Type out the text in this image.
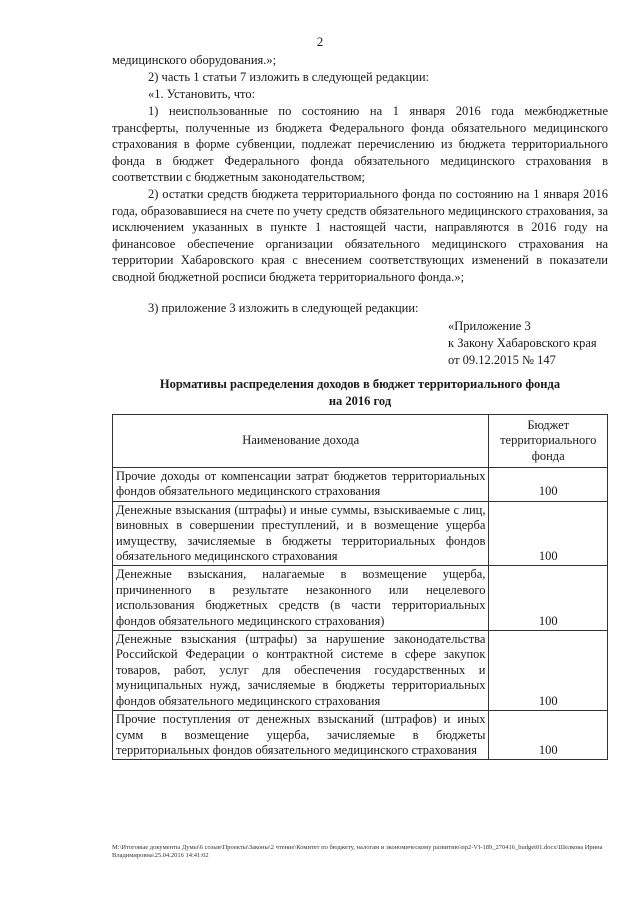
2
медицинского оборудования.»;
2) часть 1 статьи 7 изложить в следующей редакции:
«1. Установить, что:
1) неиспользованные по состоянию на 1 января 2016 года межбюджетные трансферты, полученные из бюджета Федерального фонда обязательного медицинского страхования в форме субвенции, подлежат перечислению из бюджета территориального фонда в бюджет Федерального фонда обязательного медицинского страхования в соответствии с бюджетным законодательством;
2) остатки средств бюджета территориального фонда по состоянию на 1 января 2016 года, образовавшиеся на счете по учету средств обязательного медицинского страхования, за исключением указанных в пункте 1 настоящей части, направляются в 2016 году на финансовое обеспечение организации обязательного медицинского страхования на территории Хабаровского края с внесением соответствующих изменений в показатели сводной бюджетной росписи бюджета территориального фонда.»;
3) приложение 3 изложить в следующей редакции:
«Приложение 3
к Закону Хабаровского края
от 09.12.2015 № 147
Нормативы распределения доходов в бюджет территориального фонда
на 2016 год
Наименование дохода	Бюджет территориального фонда
Прочие доходы от компенсации затрат бюджетов территориальных фондов обязательного медицинского страхования	100
Денежные взыскания (штрафы) и иные суммы, взыскиваемые с лиц, виновных в совершении преступлений, и в возмещение ущерба имуществу, зачисляемые в бюджеты территориальных фондов обязательного медицинского страхования	100
Денежные взыскания, налагаемые в возмещение ущерба, причиненного в результате незаконного или нецелевого использования бюджетных средств (в части территориальных фондов обязательного медицинского страхования)	100
Денежные взыскания (штрафы) за нарушение законодательства Российской Федерации о контрактной системе в сфере закупок товаров, работ, услуг для обеспечения государственных и муниципальных нужд, зачисляемые в бюджеты территориальных фондов обязательного медицинского страхования	100
Прочие поступления от денежных взысканий (штрафов) и иных сумм в возмещение ущерба, зачисляемые в бюджеты территориальных фондов обязательного медицинского страхования	100
M:\Итоговые документы Думы\6 созыв\Проекты\Законы\2 чтение\Комитет по бюджету, налогам и экономическому развитию\пр2-VI-189_270416_budget01.docx\Шелкова Ирина Владимировна\25.04.2016 14:41:02
